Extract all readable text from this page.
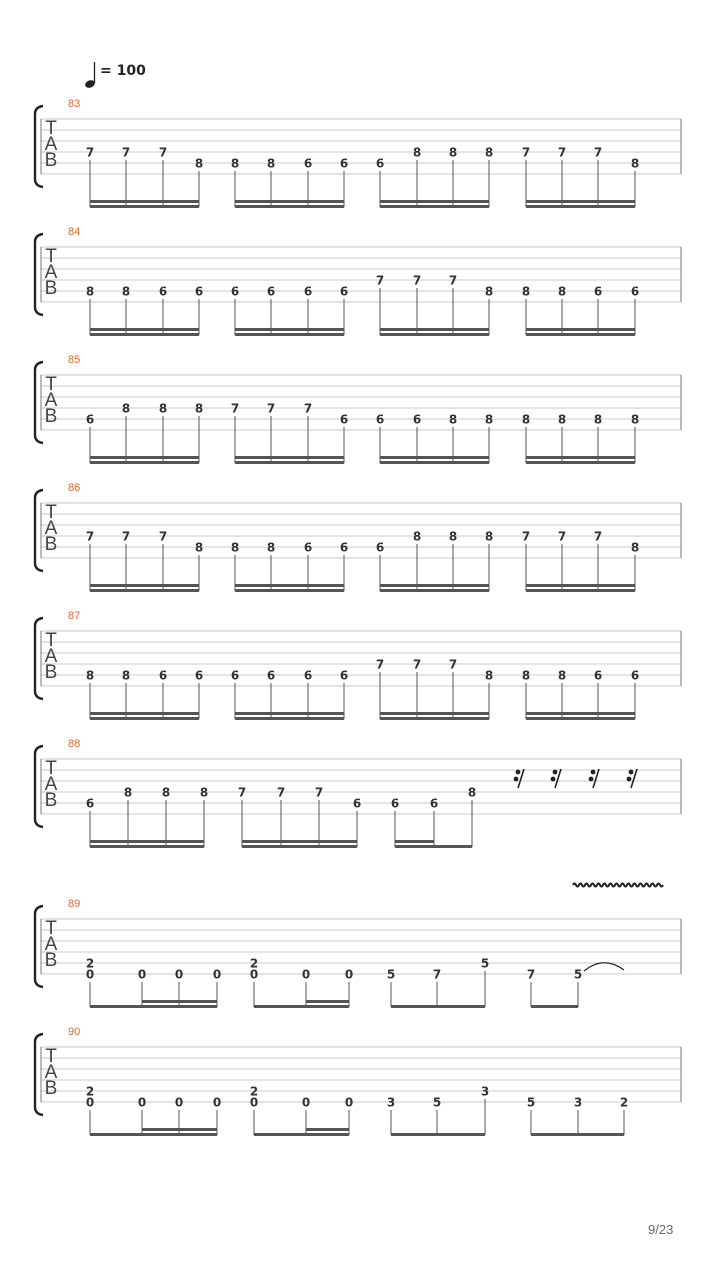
= 100
T
A
B
83
7 7 7
8 8 8 6 6 6
8 8 8 7 7 7
8
T
A
B
84
8 8 6 6 6 6 6 6
7 7 7
8 8 8 6 6
T
A
B
85
6
8 8 8 7 7 7
6 6 6 8 8 8 8 8 8
T
A
B
86
7 7 7
8 8 8 6 6 6
8 8 8 7 7 7
8
T
A
B
87
8 8 6 6 6 6 6 6
7 7 7
8 8 8 6 6
T
A
B
88
6
8 8 8 7	7 7
6 6	6
8
T
A
B
89
2
0	0 0 0
2
0	0	0	5	7
5
7	5
T
A
B
90
2
0	0 0 0
2
0	0	0	3	5
3
5	3	2
9/23
